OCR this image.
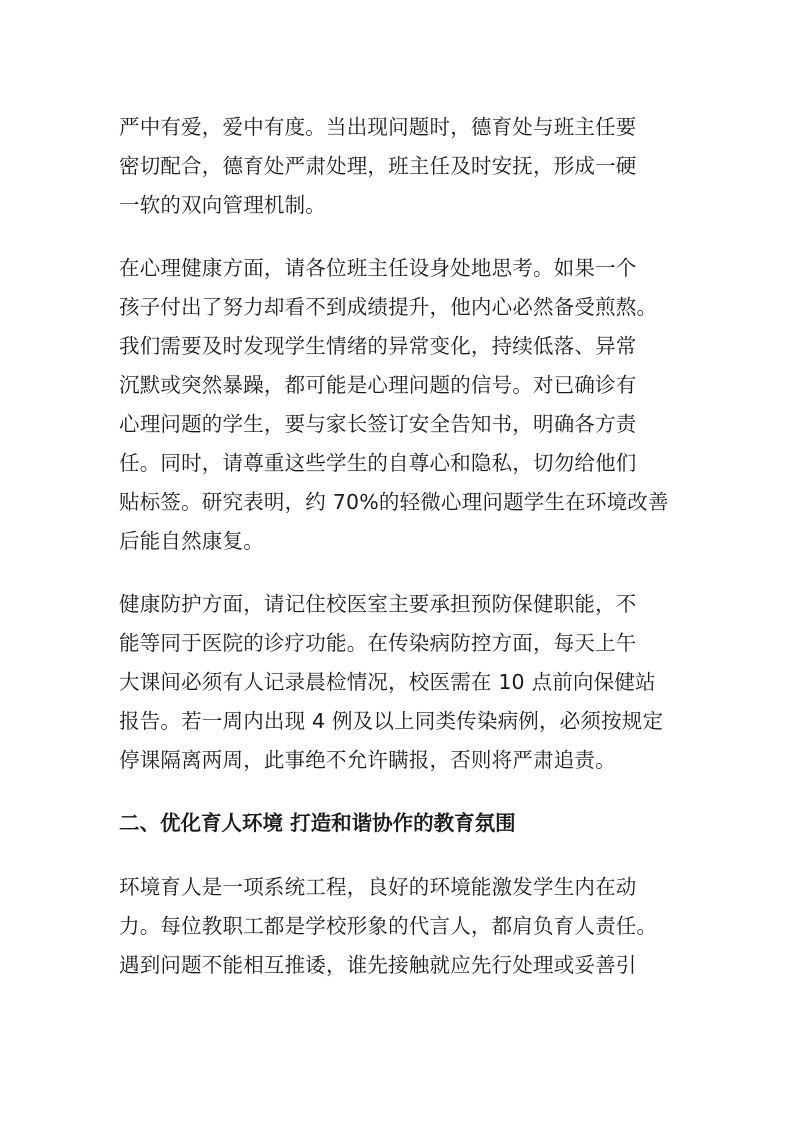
严中有爱，爱中有度。当出现问题时，德育处与班主任要
密切配合，德育处严肃处理，班主任及时安抚，形成一硬
一软的双向管理机制。

在心理健康方面，请各位班主任设身处地思考。如果一个
孩子付出了努力却看不到成绩提升，他内心必然备受煎熬。
我们需要及时发现学生情绪的异常变化，持续低落、异常
沉默或突然暴躁，都可能是心理问题的信号。对已确诊有
心理问题的学生，要与家长签订安全告知书，明确各方责
任。同时，请尊重这些学生的自尊心和隐私，切勿给他们
贴标签。研究表明，约 70%的轻微心理问题学生在环境改善
后能自然康复。

健康防护方面，请记住校医室主要承担预防保健职能，不
能等同于医院的诊疗功能。在传染病防控方面，每天上午
大课间必须有人记录晨检情况，校医需在 10 点前向保健站
报告。若一周内出现 4 例及以上同类传染病例，必须按规定
停课隔离两周，此事绝不允许瞒报，否则将严肃追责。

二、优化育人环境 打造和谐协作的教育氛围

环境育人是一项系统工程，良好的环境能激发学生内在动
力。每位教职工都是学校形象的代言人，都肩负育人责任。
遇到问题不能相互推诿，谁先接触就应先行处理或妥善引
